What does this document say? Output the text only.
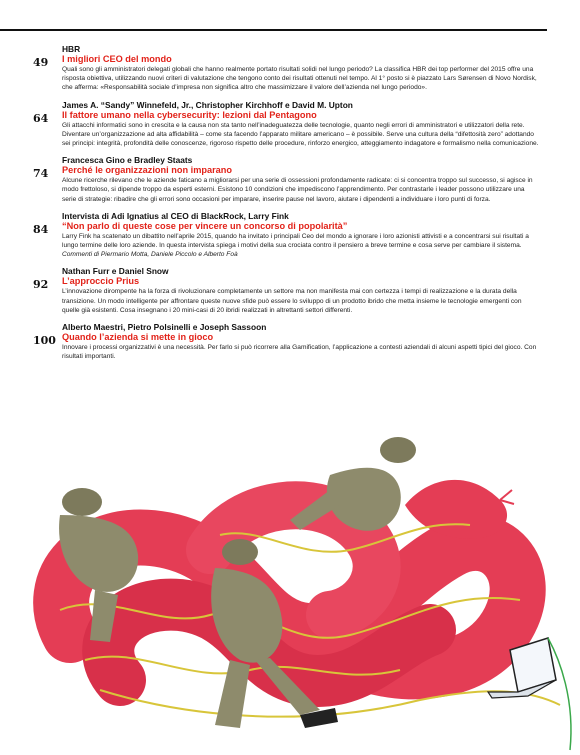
49
HBR
I migliori CEO del mondo
Quali sono gli amministratori delegati globali che hanno realmente portato risultati solidi nel lungo periodo? La classifica HBR dei top performer del 2015 offre una risposta obiettiva, utilizzando nuovi criteri di valutazione che tengono conto dei risultati ottenuti nel tempo. Al 1° posto si è piazzato Lars Sørensen di Novo Nordisk, che afferma: «Responsabilità sociale d’impresa non significa altro che massimizzare il valore dell’azienda nel lungo periodo».
64
James A. “Sandy” Winnefeld, Jr., Christopher Kirchhoff e David M. Upton
Il fattore umano nella cybersecurity: lezioni dal Pentagono
Gli attacchi informatici sono in crescita e la causa non sta tanto nell’inadeguatezza delle tecnologie, quanto negli errori di amministratori e utilizzatori della rete. Diventare un’organizzazione ad alta affidabilità – come sta facendo l’apparato militare americano – è possibile. Serve una cultura della “difettosità zero” adottando sei principi: integrità, profondità delle conoscenze, rigoroso rispetto delle procedure, rinforzo energico, atteggiamento indagatore e formalismo nella comunicazione.
74
Francesca Gino e Bradley Staats
Perché le organizzazioni non imparano
Alcune ricerche rilevano che le aziende faticano a migliorarsi per una serie di ossessioni profondamente radicate: ci si concentra troppo sul successo, si agisce in modo frettoloso, si dipende troppo da esperti esterni. Esistono 10 condizioni che impediscono l’apprendimento. Per contrastarle i leader possono utilizzare una serie di strategie: ribadire che gli errori sono occasioni per imparare, inserire pause nel lavoro, aiutare i dipendenti a individuare i loro punti di forza.
84
Intervista di Adi Ignatius al CEO di BlackRock, Larry Fink
“Non parlo di queste cose per vincere un concorso di popolarità”
Larry Fink ha scatenato un dibattito nell’aprile 2015, quando ha invitato i principali Ceo del mondo a ignorare i loro azionisti attivisti e a concentrarsi sui risultati a lungo termine delle loro aziende. In questa intervista spiega i motivi della sua crociata contro il pensiero a breve termine e cosa serve per cambiare il sistema.
Commenti di Piermario Motta, Daniele Piccolo e Alberto Foà
92
Nathan Furr e Daniel Snow
L’approccio Prius
L’innovazione dirompente ha la forza di rivoluzionare completamente un settore ma non manifesta mai con certezza i tempi di realizzazione e la durata della transizione. Un modo intelligente per affrontare queste nuove sfide può essere lo sviluppo di un prodotto ibrido che metta insieme le tecnologie emergenti con quelle già esistenti. Cosa insegnano i 20 mini-casi di 20 ibridi realizzati in altrettanti settori differenti.
100
Alberto Maestri, Pietro Polsinelli e Joseph Sassoon
Quando l’azienda si mette in gioco
Innovare i processi organizzativi è una necessità. Per farlo si può ricorrere alla Gamification, l’applicazione a contesti aziendali di alcuni aspetti tipici del gioco. Con risultati importanti.
